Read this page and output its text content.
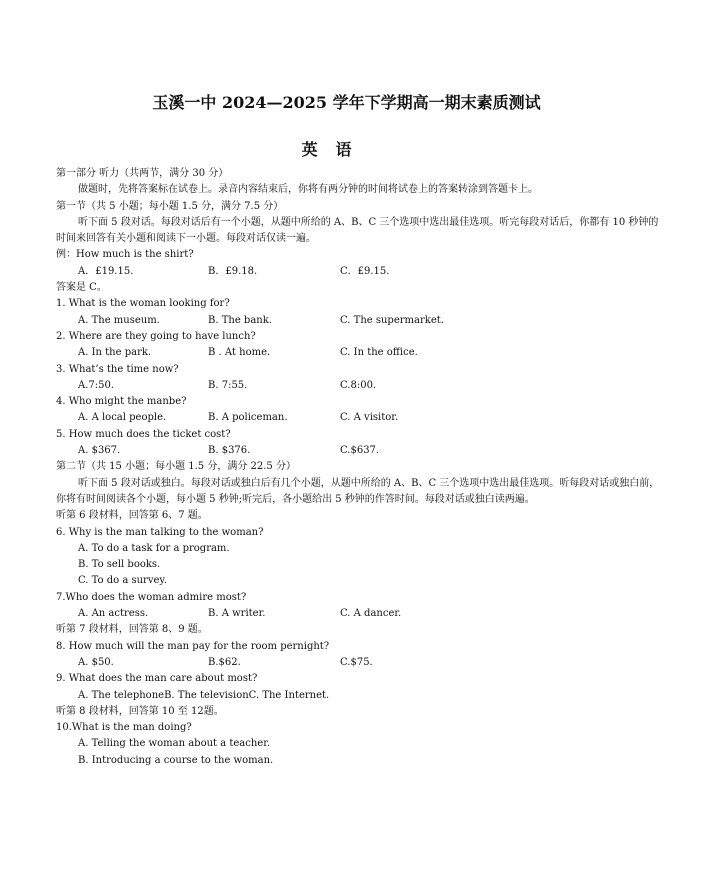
玉溪一中 2024—2025 学年下学期高一期末素质测试
英语
第一部分 听力（共两节，满分 30 分）
做题时，先将答案标在试卷上。录音内容结束后，你将有两分钟的时间将试卷上的答案转涂到答题卡上。
第一节（共 5 小题；每小题 1.5 分，满分 7.5 分）
听下面 5 段对话。每段对话后有一个小题，从题中所给的 A、B、C 三个选项中选出最佳选项。听完每段对话后，你都有 10 秒钟的时间来回答有关小题和阅读下一小题。每段对话仅读一遍。
例：How much is the shirt?
A．£19.15.	B．£9.18.	C．£9.15.
答案是 C。
1. What is the woman looking for?
A. The museum.	B. The bank.	C. The supermarket.
2. Where are they going to have lunch?
A. In the park.	B . At home.	C. In the office.
3. What’s the time now?
A.7:50.	B. 7:55.	C.8:00.
4. Who might the manbe?
A. A local people.	B. A policeman.	C. A visitor.
5. How much does the ticket cost?
A. $367.	B. $376.	C.$637.
第二节（共 15 小题；每小题 1.5 分，满分 22.5 分）
听下面 5 段对话或独白。每段对话或独白后有几个小题，从题中所给的 A、B、C 三个选项中选出最佳选项。听每段对话或独白前，你将有时间阅读各个小题，每小题 5 秒钟;听完后，各小题给出 5 秒钟的作答时间。每段对话或独白读两遍。
听第 6 段材料，回答第 6、7 题。
6. Why is the man talking to the woman?
A. To do a task for a program.
B. To sell books.
C. To do a survey.
7.Who does the woman admire most?
A. An actress.	B. A writer.	C. A dancer.
听第 7 段材料，回答第 8、9 题。
8. How much will the man pay for the room pernight?
A. $50.	B.$62.	C.$75.
9. What does the man care about most?
A. The telephoneB. The televisionC. The Internet.
听第 8 段材料，回答第 10 至 12题。
10.What is the man doing?
A. Telling the woman about a teacher.
B. Introducing a course to the woman.
